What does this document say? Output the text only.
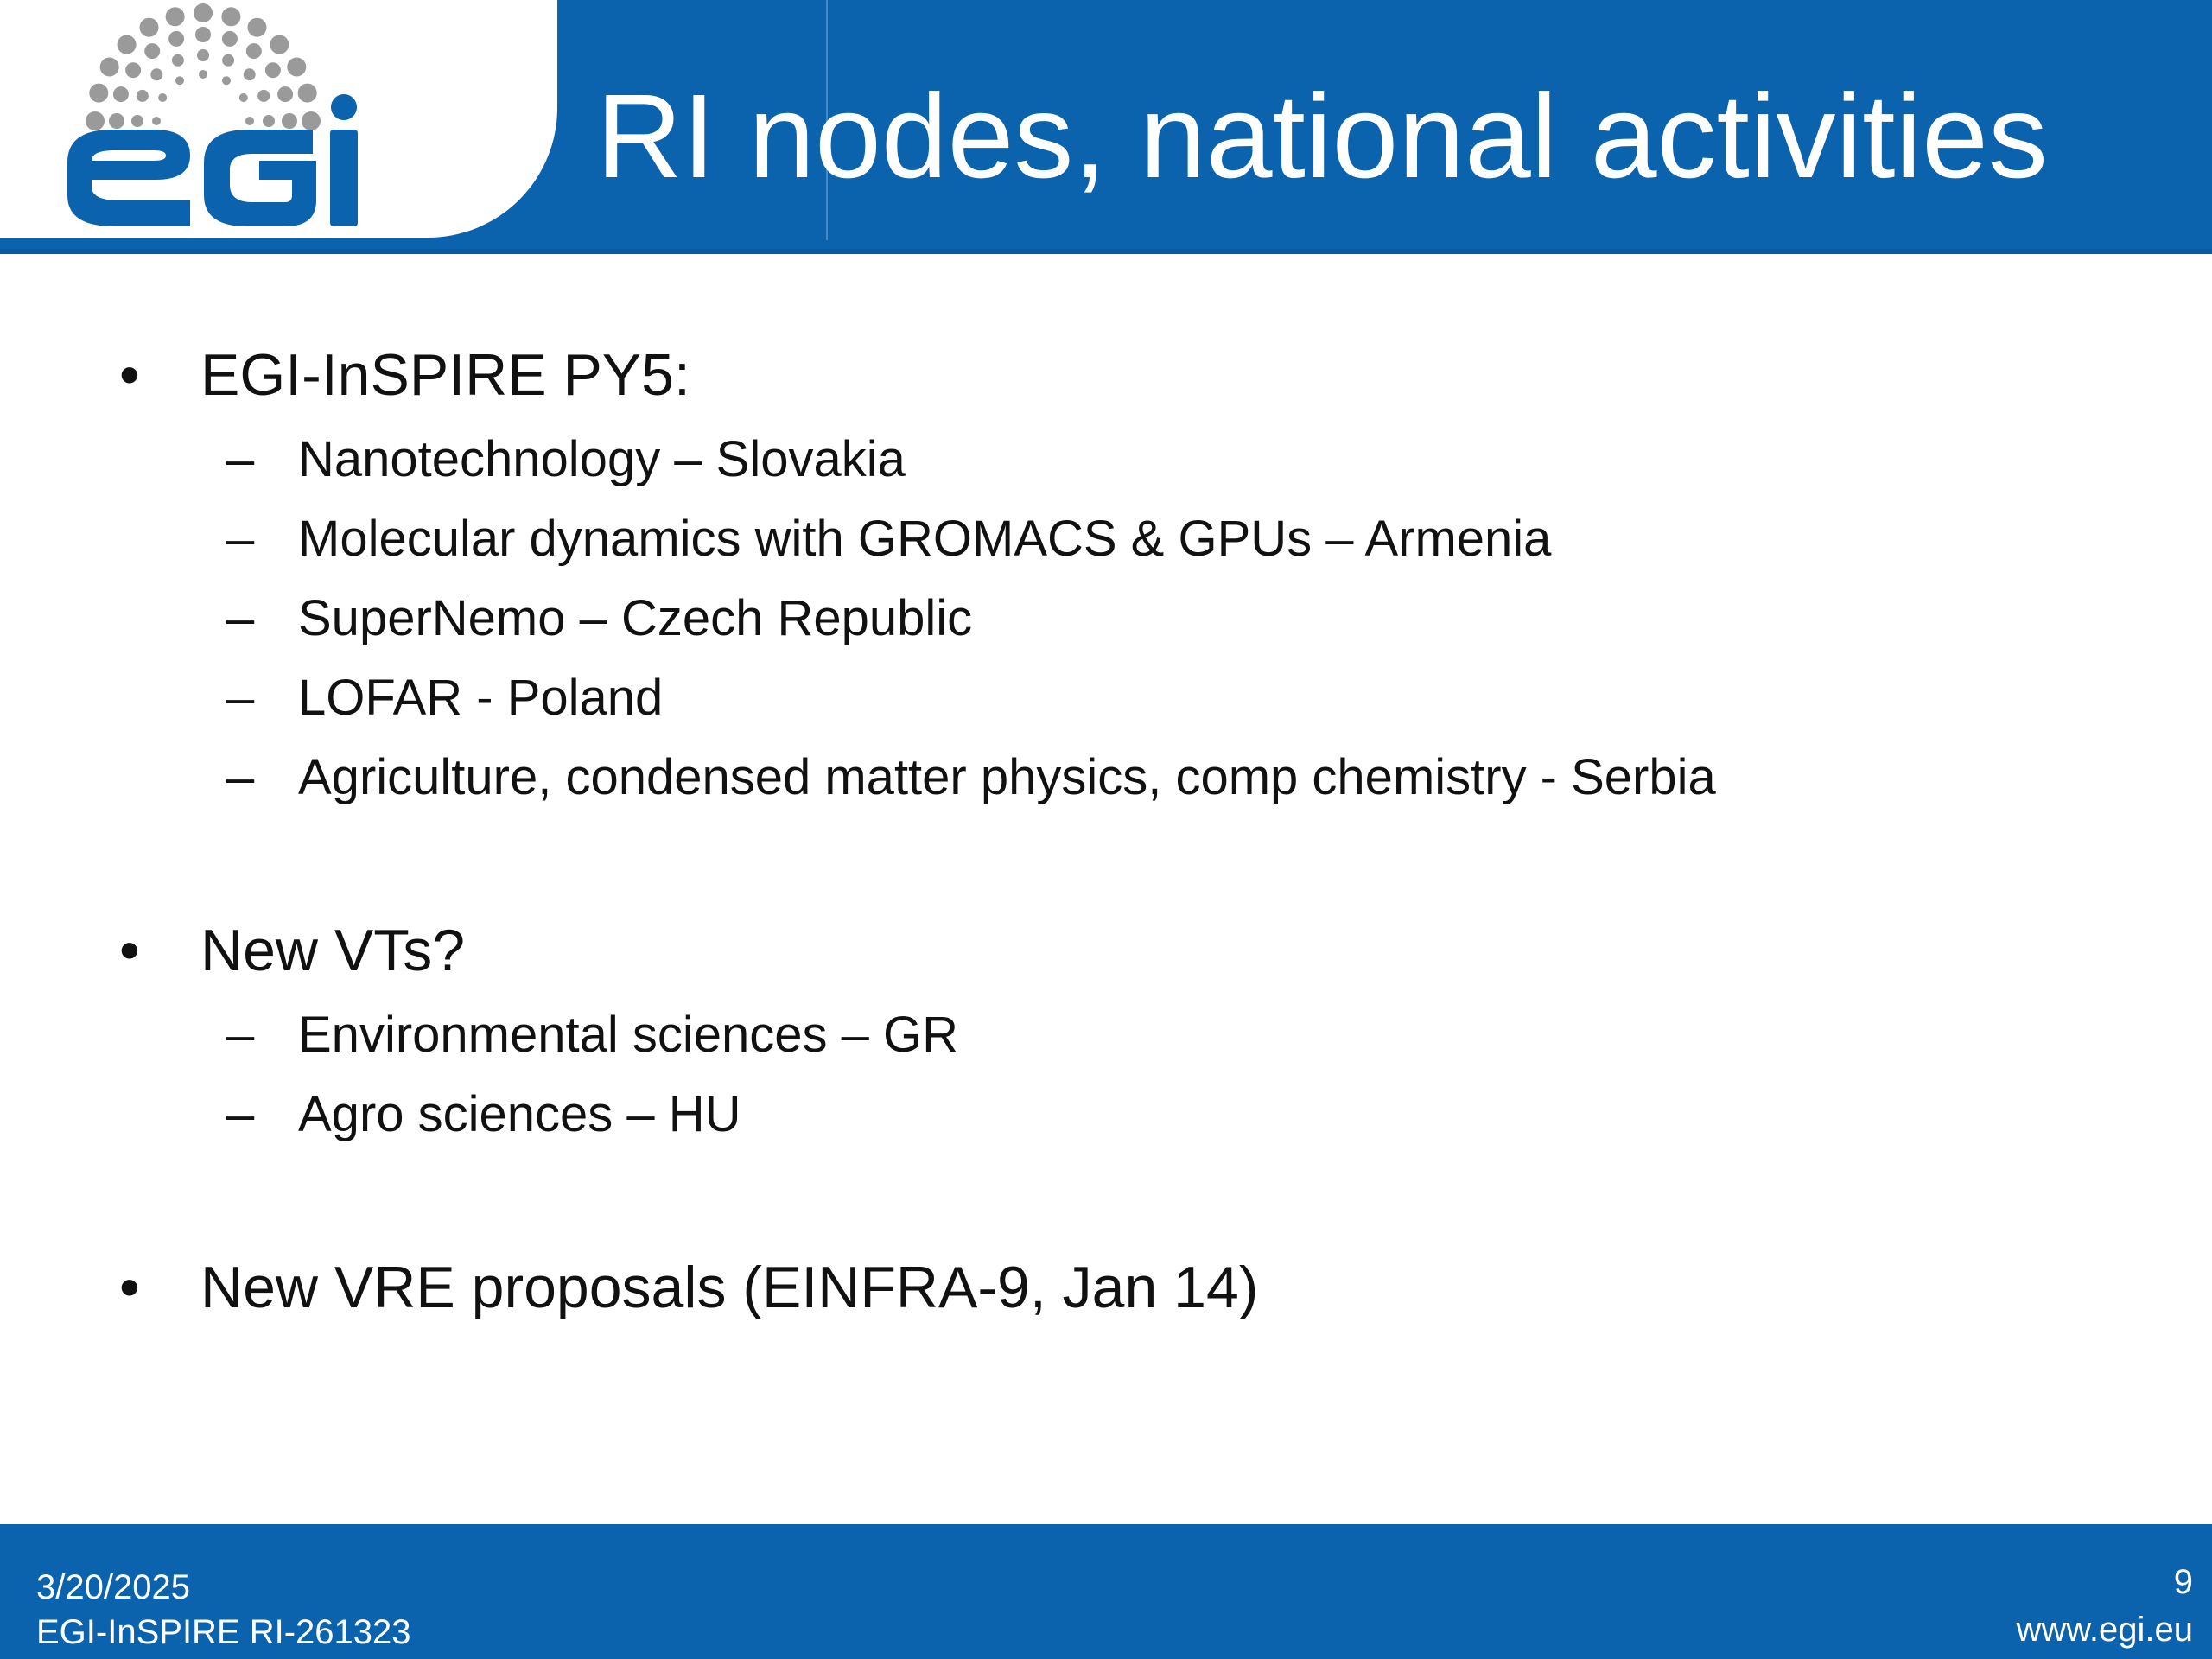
RI nodes, national activities
• EGI-InSPIRE PY5:
– Nanotechnology – Slovakia
– Molecular dynamics with GROMACS & GPUs – Armenia
– SuperNemo – Czech Republic
– LOFAR - Poland
– Agriculture, condensed matter physics, comp chemistry - Serbia
• New VTs?
– Environmental sciences – GR
– Agro sciences – HU
• New VRE proposals (EINFRA-9, Jan 14)
3/20/2025
EGI-InSPIRE RI-261323
9
www.egi.eu
